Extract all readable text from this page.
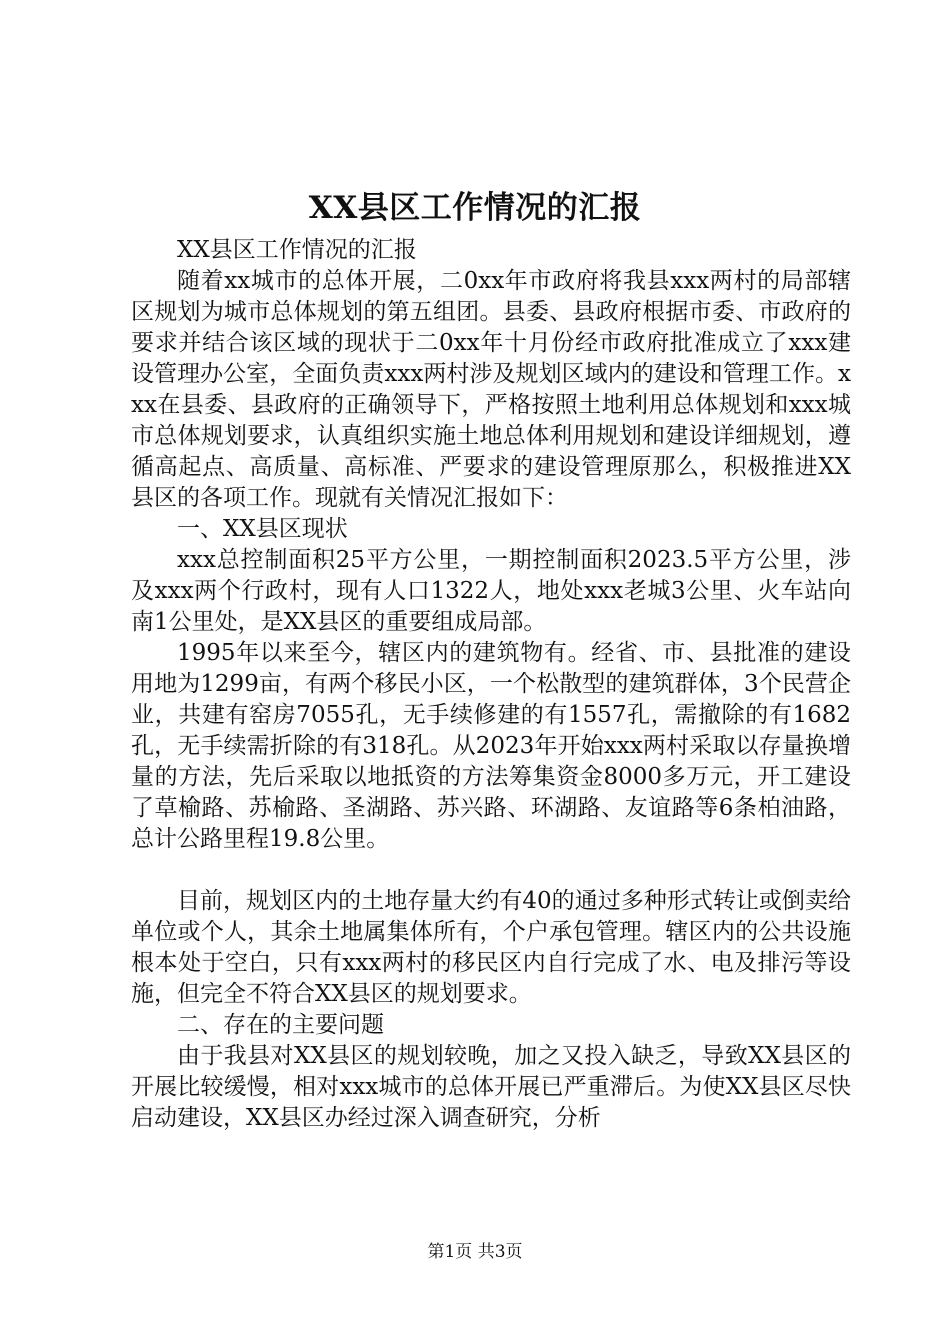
XX县区工作情况的汇报

XX县区工作情况的汇报

随着xx城市的总体开展，二0xx年市政府将我县xxx两村的局部辖区规划为城市总体规划的第五组团。县委、县政府根据市委、市政府的要求并结合该区域的现状于二0xx年十月份经市政府批准成立了xxx建设管理办公室，全面负责xxx两村涉及规划区域内的建设和管理工作。xxx在县委、县政府的正确领导下，严格按照土地利用总体规划和xxx城市总体规划要求，认真组织实施土地总体利用规划和建设详细规划，遵循高起点、高质量、高标准、严要求的建设管理原那么，积极推进XX县区的各项工作。现就有关情况汇报如下：

一、XX县区现状

xxx总控制面积25平方公里，一期控制面积2023.5平方公里，涉及xxx两个行政村，现有人口1322人，地处xxx老城3公里、火车站向南1公里处，是XX县区的重要组成局部。

1995年以来至今，辖区内的建筑物有。经省、市、县批准的建设用地为1299亩，有两个移民小区，一个松散型的建筑群体，3个民营企业，共建有窑房7055孔，无手续修建的有1557孔，需撤除的有1682孔，无手续需折除的有318孔。从2023年开始xxx两村采取以存量换增量的方法，先后采取以地抵资的方法筹集资金8000多万元，开工建设了草榆路、苏榆路、圣湖路、苏兴路、环湖路、友谊路等6条柏油路，总计公路里程19.8公里。

目前，规划区内的土地存量大约有40的通过多种形式转让或倒卖给单位或个人，其余土地属集体所有，个户承包管理。辖区内的公共设施根本处于空白，只有xxx两村的移民区内自行完成了水、电及排污等设施，但完全不符合XX县区的规划要求。

二、存在的主要问题

由于我县对XX县区的规划较晚，加之又投入缺乏，导致XX县区的开展比较缓慢，相对xxx城市的总体开展已严重滞后。为使XX县区尽快启动建设，XX县区办经过深入调查研究，分析

第1页 共3页
